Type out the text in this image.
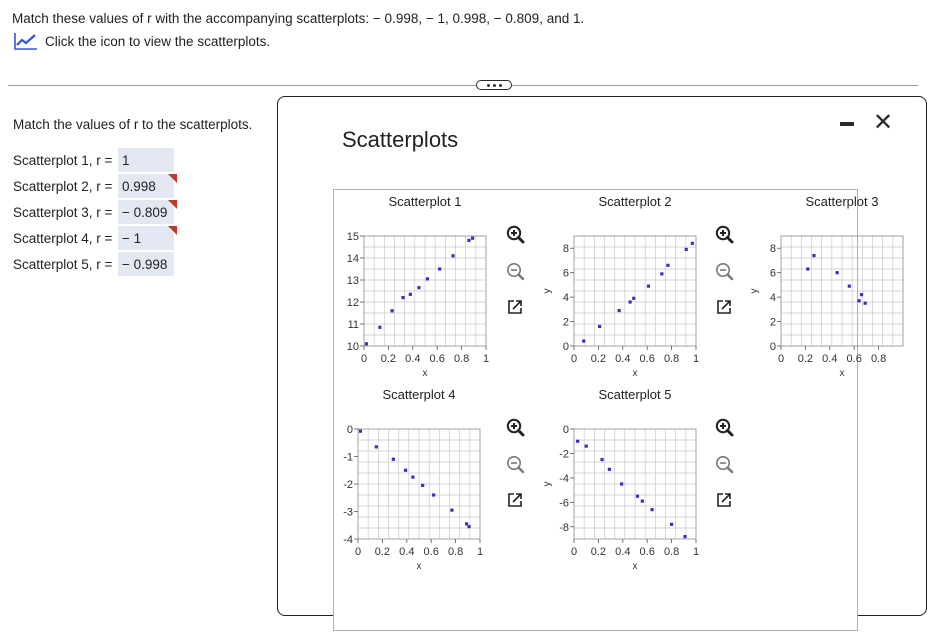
Match these values of r with the accompanying scatterplots: − 0.998, − 1, 0.998, − 0.809, and 1.
Click the icon to view the scatterplots.
Match the values of r to the scatterplots.
Scatterplot 1, r = 1
Scatterplot 2, r = 0.998
Scatterplot 3, r = − 0.809
Scatterplot 4, r = − 1
Scatterplot 5, r = − 0.998
Scatterplots
✕
Scatterplot 1
10
11
12
13
14
15
0 0.2 0.4 0.6 0.8 1
x
Scatterplot 2
0
2
4
6
8
0 0.2 0.4 0.6 0.8 1
x
y
Scatterplot 3
0
2
4
6
8
0 0.2 0.4 0.6 0.8
x
y
Scatterplot 4
0
-1
-2
-3
-4
0 0.2 0.4 0.6 0.8 1
x
Scatterplot 5
0
-2
-4
-6
-8
0 0.2 0.4 0.6 0.8 1
x
y
